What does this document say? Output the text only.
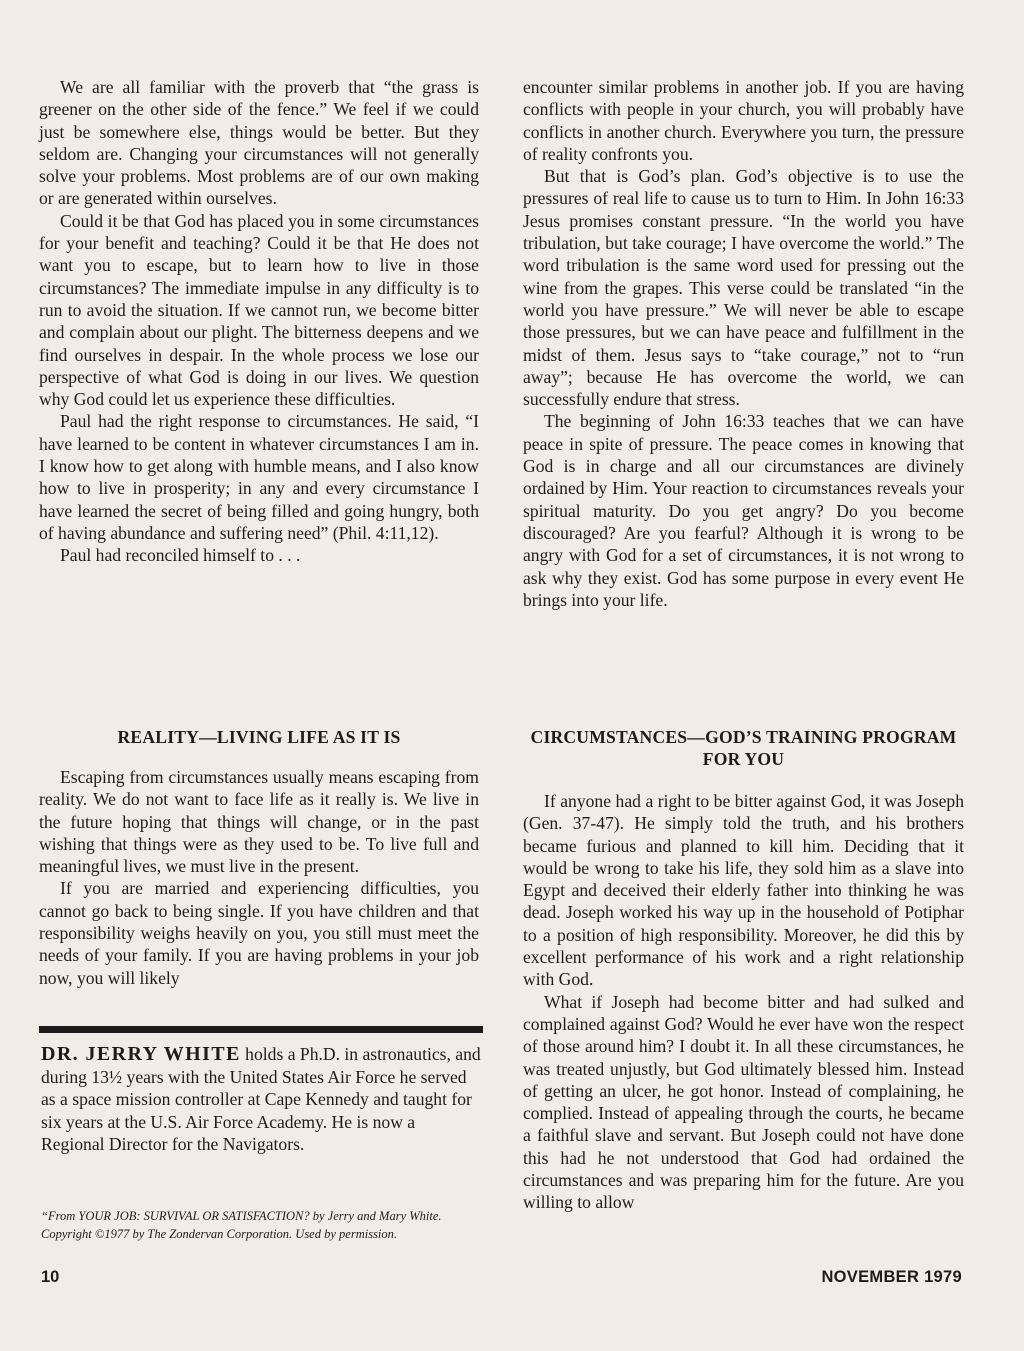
We are all familiar with the proverb that “the grass is greener on the other side of the fence.” We feel if we could just be somewhere else, things would be better. But they seldom are. Changing your circumstances will not generally solve your problems. Most problems are of our own making or are generated within ourselves.

Could it be that God has placed you in some circumstances for your benefit and teaching? Could it be that He does not want you to escape, but to learn how to live in those circumstances? The immediate impulse in any difficulty is to run to avoid the situation. If we cannot run, we become bitter and complain about our plight. The bitterness deepens and we find ourselves in despair. In the whole process we lose our perspective of what God is doing in our lives. We question why God could let us experience these difficulties.

Paul had the right response to circumstances. He said, “I have learned to be content in whatever circumstances I am in. I know how to get along with humble means, and I also know how to live in prosperity; in any and every circumstance I have learned the secret of being filled and going hungry, both of having abundance and suffering need” (Phil. 4:11,12).

Paul had reconciled himself to . . .

encounter similar problems in another job. If you are having conflicts with people in your church, you will probably have conflicts in another church. Everywhere you turn, the pressure of reality confronts you.

But that is God’s plan. God’s objective is to use the pressures of real life to cause us to turn to Him. In John 16:33 Jesus promises constant pressure. “In the world you have tribulation, but take courage; I have overcome the world.” The word tribulation is the same word used for pressing out the wine from the grapes. This verse could be translated “in the world you have pressure.” We will never be able to escape those pressures, but we can have peace and fulfillment in the midst of them. Jesus says to “take courage,” not to “run away”; because He has overcome the world, we can successfully endure that stress.

The beginning of John 16:33 teaches that we can have peace in spite of pressure. The peace comes in knowing that God is in charge and all our circumstances are divinely ordained by Him. Your reaction to circumstances reveals your spiritual maturity. Do you get angry? Do you become discouraged? Are you fearful? Although it is wrong to be angry with God for a set of circumstances, it is not wrong to ask why they exist. God has some purpose in every event He brings into your life.

REALITY—LIVING LIFE AS IT IS

Escaping from circumstances usually means escaping from reality. We do not want to face life as it really is. We live in the future hoping that things will change, or in the past wishing that things were as they used to be. To live full and meaningful lives, we must live in the present.

If you are married and experiencing difficulties, you cannot go back to being single. If you have children and that responsibility weighs heavily on you, you still must meet the needs of your family. If you are having problems in your job now, you will likely

DR. JERRY WHITE holds a Ph.D. in astronautics, and during 13½ years with the United States Air Force he served as a space mission controller at Cape Kennedy and taught for six years at the U.S. Air Force Academy. He is now a Regional Director for the Navigators.
“From YOUR JOB: SURVIVAL OR SATISFACTION? by Jerry and Mary White. Copyright ©1977 by The Zondervan Corporation. Used by permission.
CIRCUMSTANCES—GOD’S TRAINING PROGRAM FOR YOU

If anyone had a right to be bitter against God, it was Joseph (Gen. 37-47). He simply told the truth, and his brothers became furious and planned to kill him. Deciding that it would be wrong to take his life, they sold him as a slave into Egypt and deceived their elderly father into thinking he was dead. Joseph worked his way up in the household of Potiphar to a position of high responsibility. Moreover, he did this by excellent performance of his work and a right relationship with God.

What if Joseph had become bitter and had sulked and complained against God? Would he ever have won the respect of those around him? I doubt it. In all these circumstances, he was treated unjustly, but God ultimately blessed him. Instead of getting an ulcer, he got honor. Instead of complaining, he complied. Instead of appealing through the courts, he became a faithful slave and servant. But Joseph could not have done this had he not understood that God had ordained the circumstances and was preparing him for the future. Are you willing to allow

10	NOVEMBER 1979
